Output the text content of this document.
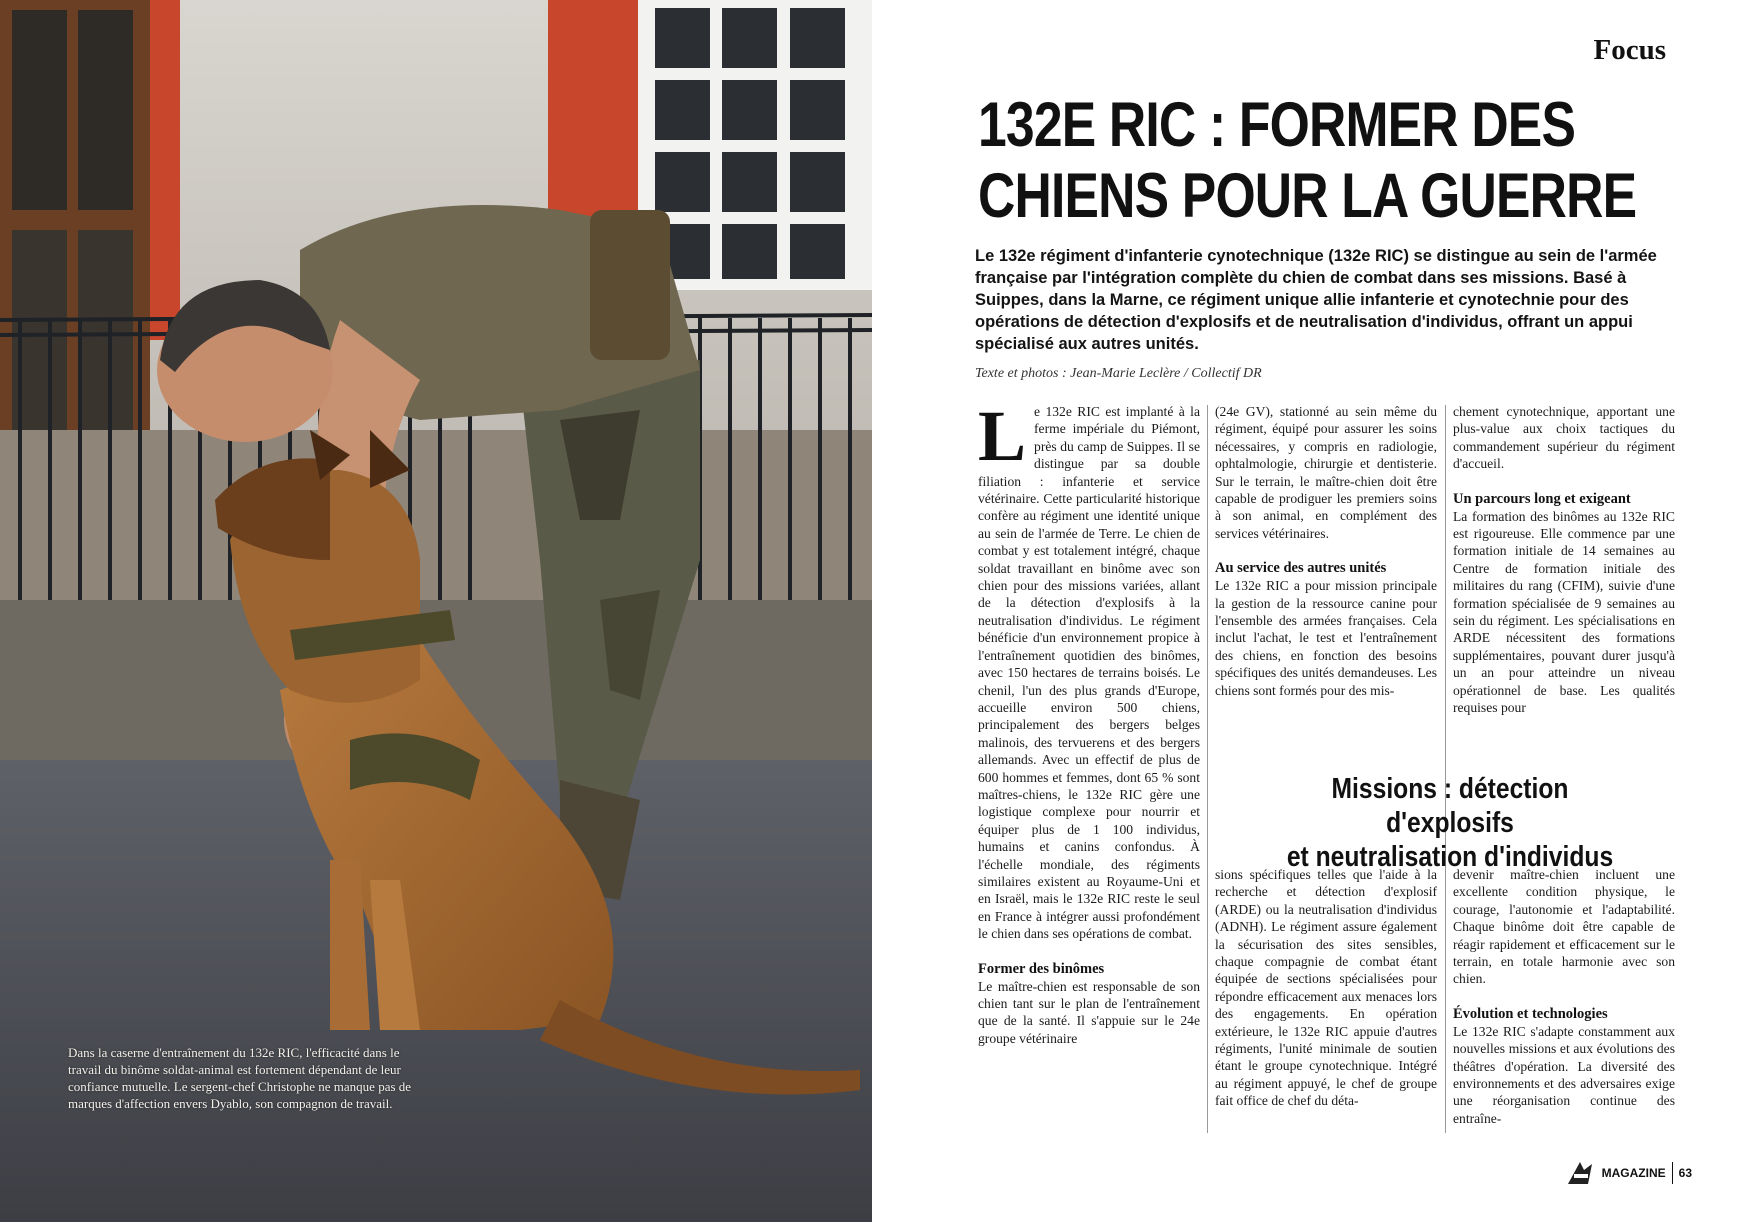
Dans la caserne d'entraînement du 132e RIC, l'efficacité dans le travail du binôme soldat-animal est fortement dépendant de leur confiance mutuelle. Le sergent-chef Christophe ne manque pas de marques d'affection envers Dyablo, son compagnon de travail.

Focus

132E RIC : FORMER DES
CHIENS POUR LA GUERRE

Le 132e régiment d'infanterie cynotechnique (132e RIC) se distingue au sein de l'armée française par l'intégration complète du chien de combat dans ses missions. Basé à Suippes, dans la Marne, ce régiment unique allie infanterie et cynotechnie pour des opérations de détection d'explosifs et de neutralisation d'individus, offrant un appui spécialisé aux autres unités.

Texte et photos : Jean-Marie Leclère / Collectif DR

L e 132e RIC est implanté à la ferme impériale du Piémont, près du camp de Suippes. Il se distingue par sa double filiation : infanterie et service vétérinaire. Cette particularité historique confère au régiment une identité unique au sein de l'armée de Terre. Le chien de combat y est totalement intégré, chaque soldat travaillant en binôme avec son chien pour des missions variées, allant de la détection d'explosifs à la neutralisation d'individus. Le régiment bénéficie d'un environnement propice à l'entraînement quotidien des binômes, avec 150 hectares de terrains boisés. Le chenil, l'un des plus grands d'Europe, accueille environ 500 chiens, principalement des bergers belges malinois, des tervuerens et des bergers allemands. Avec un effectif de plus de 600 hommes et femmes, dont 65 % sont maîtres-chiens, le 132e RIC gère une logistique complexe pour nourrir et équiper plus de 1 100 individus, humains et canins confondus. À l'échelle mondiale, des régiments similaires existent au Royaume-Uni et en Israël, mais le 132e RIC reste le seul en France à intégrer aussi profondément le chien dans ses opérations de combat.

Former des binômes

Le maître-chien est responsable de son chien tant sur le plan de l'entraînement que de la santé. Il s'appuie sur le 24e groupe vétérinaire

(24e GV), stationné au sein même du régiment, équipé pour assurer les soins nécessaires, y compris en radiologie, ophtalmologie, chirurgie et dentisterie. Sur le terrain, le maître-chien doit être capable de prodiguer les premiers soins à son animal, en complément des services vétérinaires.

Au service des autres unités

Le 132e RIC a pour mission principale la gestion de la ressource canine pour l'ensemble des armées françaises. Cela inclut l'achat, le test et l'entraînement des chiens, en fonction des besoins spécifiques des unités demandeuses. Les chiens sont formés pour des mis-

chement cynotechnique, apportant une plus-value aux choix tactiques du commandement supérieur du régiment d'accueil.

Un parcours long et exigeant

La formation des binômes au 132e RIC est rigoureuse. Elle commence par une formation initiale de 14 semaines au Centre de formation initiale des militaires du rang (CFIM), suivie d'une formation spécialisée de 9 semaines au sein du régiment. Les spécialisations en ARDE nécessitent des formations supplémentaires, pouvant durer jusqu'à un an pour atteindre un niveau opérationnel de base. Les qualités requises pour

Missions : détection d'explosifs
et neutralisation d'individus

sions spécifiques telles que l'aide à la recherche et détection d'explosif (ARDE) ou la neutralisation d'individus (ADNH). Le régiment assure également la sécurisation des sites sensibles, chaque compagnie de combat étant équipée de sections spécialisées pour répondre efficacement aux menaces lors des engagements. En opération extérieure, le 132e RIC appuie d'autres régiments, l'unité minimale de soutien étant le groupe cynotechnique. Intégré au régiment appuyé, le chef de groupe fait office de chef du déta-

devenir maître-chien incluent une excellente condition physique, le courage, l'autonomie et l'adaptabilité. Chaque binôme doit être capable de réagir rapidement et efficacement sur le terrain, en totale harmonie avec son chien.

Évolution et technologies

Le 132e RIC s'adapte constamment aux nouvelles missions et aux évolutions des théâtres d'opération. La diversité des environnements et des adversaires exige une réorganisation continue des entraîne-

MAGAZINE 63
